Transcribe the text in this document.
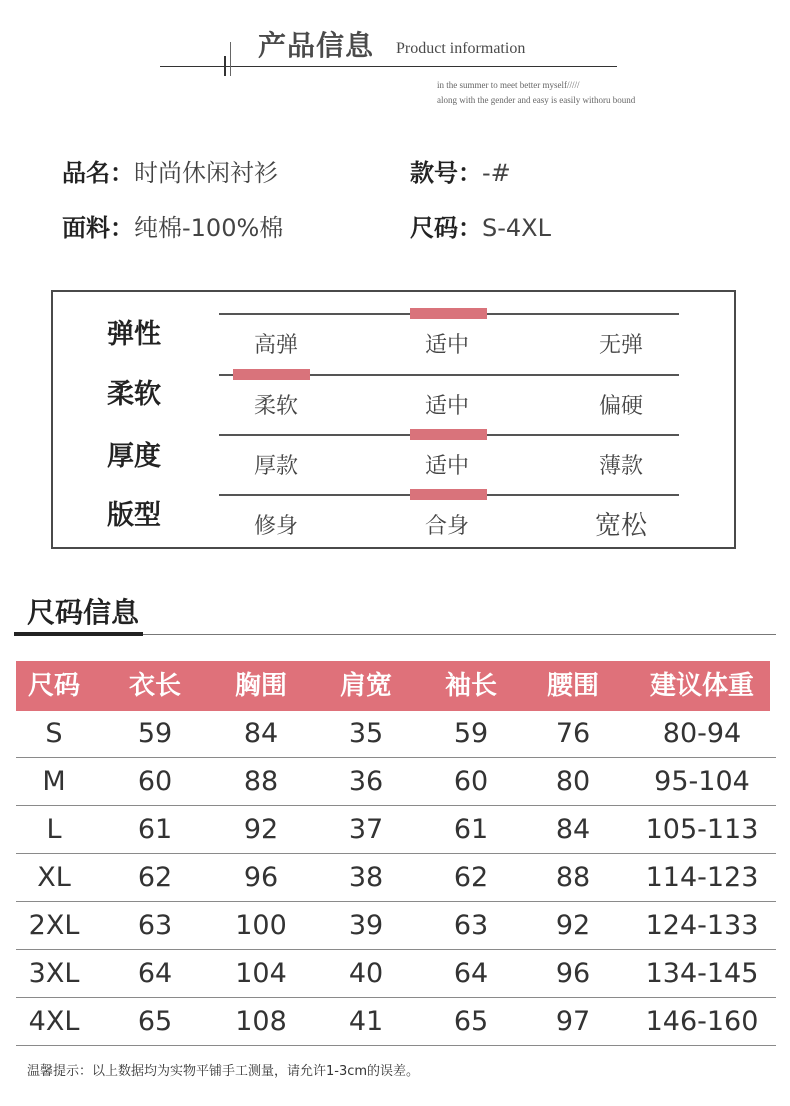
产品信息 Product information
in the summer to meet better myself/////
along with the gender and easy is easily withoru bound
品名：时尚休闲衬衫	款号：-#
面料：纯棉-100%棉	尺码：S-4XL
弹性	高弹	适中	无弹
柔软	柔软	适中	偏硬
厚度	厚款	适中	薄款
版型	修身	合身	宽松
尺码信息
尺码	衣长	胸围	肩宽	袖长	腰围	建议体重
S	59	84	35	59	76	80-94
M	60	88	36	60	80	95-104
L	61	92	37	61	84	105-113
XL	62	96	38	62	88	114-123
2XL	63	100	39	63	92	124-133
3XL	64	104	40	64	96	134-145
4XL	65	108	41	65	97	146-160
温馨提示：以上数据均为实物平铺手工测量，请允许1-3cm的误差。
